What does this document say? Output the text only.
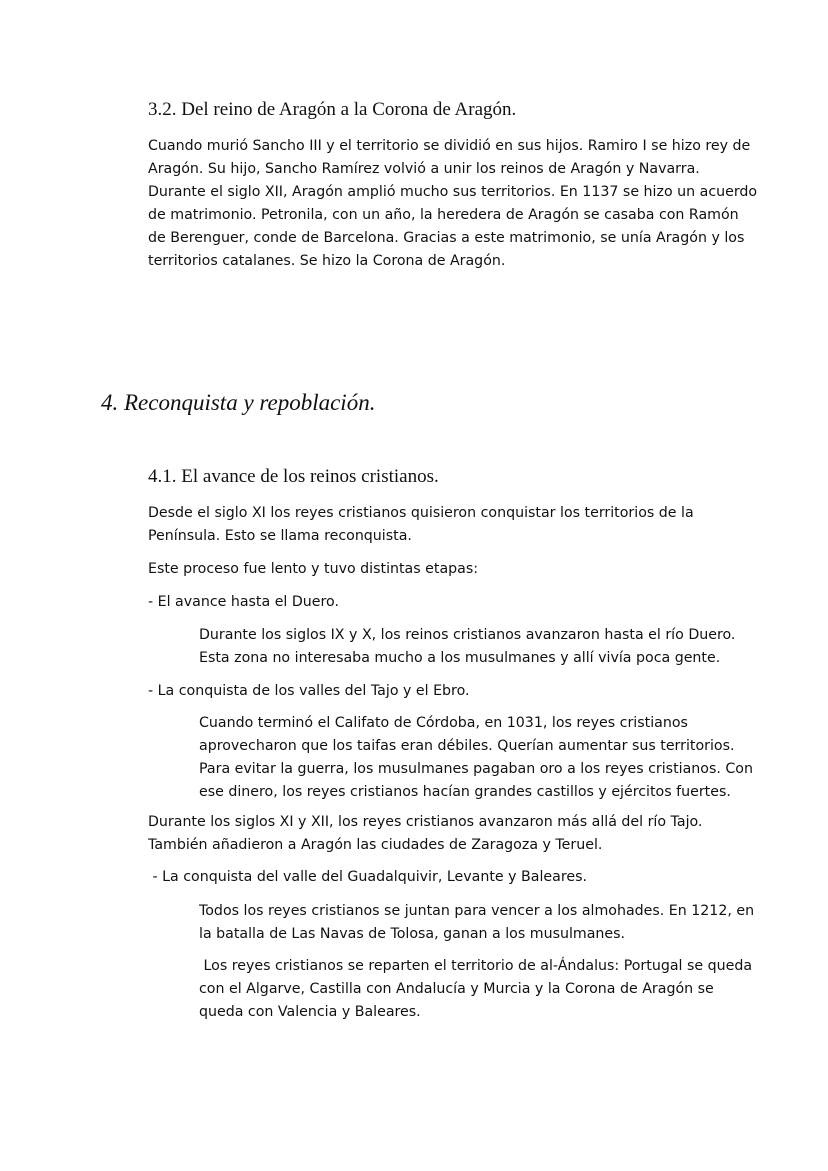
3.2. Del reino de Aragón a la Corona de Aragón.
Cuando murió Sancho III y el territorio se dividió en sus hijos. Ramiro I se hizo rey de
Aragón. Su hijo, Sancho Ramírez volvió a unir los reinos de Aragón y Navarra.
Durante el siglo XII, Aragón amplió mucho sus territorios. En 1137 se hizo un acuerdo
de matrimonio. Petronila, con un año, la heredera de Aragón se casaba con Ramón
de Berenguer, conde de Barcelona. Gracias a este matrimonio, se unía Aragón y los
territorios catalanes. Se hizo la Corona de Aragón.
4. Reconquista y repoblación.
4.1. El avance de los reinos cristianos.
Desde el siglo XI los reyes cristianos quisieron conquistar los territorios de la
Península. Esto se llama reconquista.
Este proceso fue lento y tuvo distintas etapas:
- El avance hasta el Duero.
Durante los siglos IX y X, los reinos cristianos avanzaron hasta el río Duero.
Esta zona no interesaba mucho a los musulmanes y allí vivía poca gente.
- La conquista de los valles del Tajo y el Ebro.
Cuando terminó el Califato de Córdoba, en 1031, los reyes cristianos
aprovecharon que los taifas eran débiles. Querían aumentar sus territorios.
Para evitar la guerra, los musulmanes pagaban oro a los reyes cristianos. Con
ese dinero, los reyes cristianos hacían grandes castillos y ejércitos fuertes.
Durante los siglos XI y XII, los reyes cristianos avanzaron más allá del río Tajo.
También añadieron a Aragón las ciudades de Zaragoza y Teruel.
- La conquista del valle del Guadalquivir, Levante y Baleares.
Todos los reyes cristianos se juntan para vencer a los almohades. En 1212, en
la batalla de Las Navas de Tolosa, ganan a los musulmanes.
Los reyes cristianos se reparten el territorio de al-Ándalus: Portugal se queda
con el Algarve, Castilla con Andalucía y Murcia y la Corona de Aragón se
queda con Valencia y Baleares.
